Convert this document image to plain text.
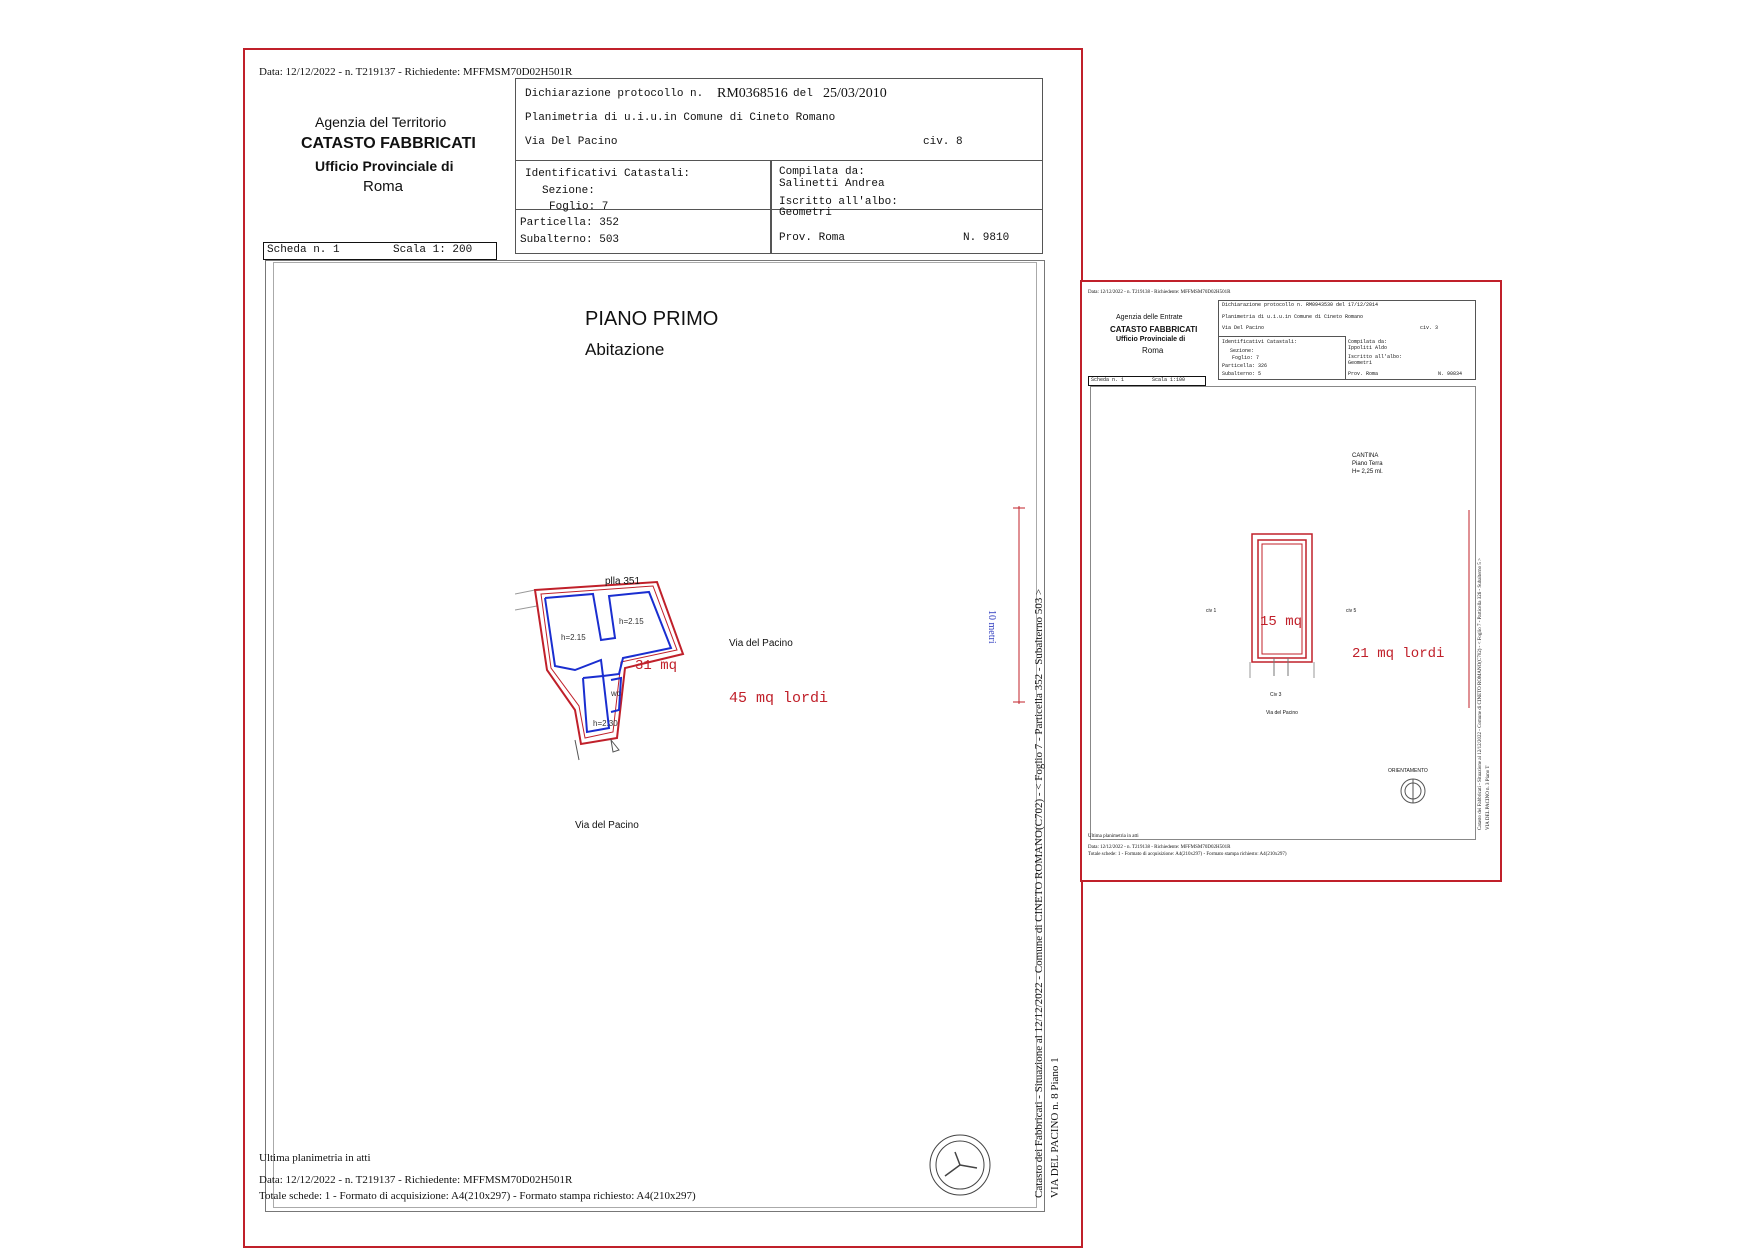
Data: 12/12/2022 - n. T219137 - Richiedente: MFFMSM70D02H501R
Agenzia del Territorio
CATASTO FABBRICATI
Ufficio Provinciale di
Roma
Dichiarazione protocollo n. RM0368516 del 25/03/2010
Planimetria di u.i.u.in Comune di Cineto Romano
Via Del Pacino	civ. 8
Identificativi Catastali:
Sezione:
Foglio: 7
Particella: 352
Subalterno: 503
Compilata da:
Salinetti Andrea
Iscritto all'albo:
Geometri
Prov. Roma	N. 9810
Scheda n. 1	Scala 1: 200
PIANO PRIMO
Abitazione
h=2.15
h=2.15
h=2.30
wc
plla 351
Via del Pacino
Via del Pacino
31 mq
45 mq lordi
10 metri	Catasto dei Fabbricati - Situazione al 12/12/2022 - Comune di CINETO ROMANO(C702) - < Foglio 7 - Particella 352 - Subalterno 503 > VIA DEL PACINO n. 8 Piano 1
Ultima planimetria in atti
Data: 12/12/2022 - n. T219137 - Richiedente: MFFMSM70D02H501R
Totale schede: 1 - Formato di acquisizione: A4(210x297) - Formato stampa richiesto: A4(210x297)
Data: 12/12/2022 - n. T219138 - Richiedente: MFFMSM70D02H501R
Agenzia delle Entrate
CATASTO FABBRICATI
Ufficio Provinciale di
Roma
Dichiarazione protocollo n. RM0943530 del 17/12/2014
Planimetria di u.i.u.in Comune di Cineto Romano
Via Del Pacino	civ. 3
Identificativi Catastali:
Sezione:
Foglio: 7
Particella: 326
Subalterno: 5
Compilata da:
Ippoliti Aldo
Iscritto all'albo:
Geometri
Prov. Roma	N. 90834
Scheda n. 1	Scala 1:100
CANTINA
Piano Terra
H= 2,25 ml.
15 mq
21 mq lordi
civ 1	civ 5
Civ 3
Via del Pacino
ORIENTAMENTO	Catasto dei Fabbricati - Situazione al 12/12/2022 - Comune di CINETO ROMANO(C702) - < Foglio 7 - Particella 326 - Subalterno 5 > VIA DEL PACINO n. 3 Piano T
Ultima planimetria in atti
Data: 12/12/2022 - n. T219138 - Richiedente: MFFMSM70D02H501R
Totale schede: 1 - Formato di acquisizione: A4(210x297) - Formato stampa richiesto: A4(210x297)
